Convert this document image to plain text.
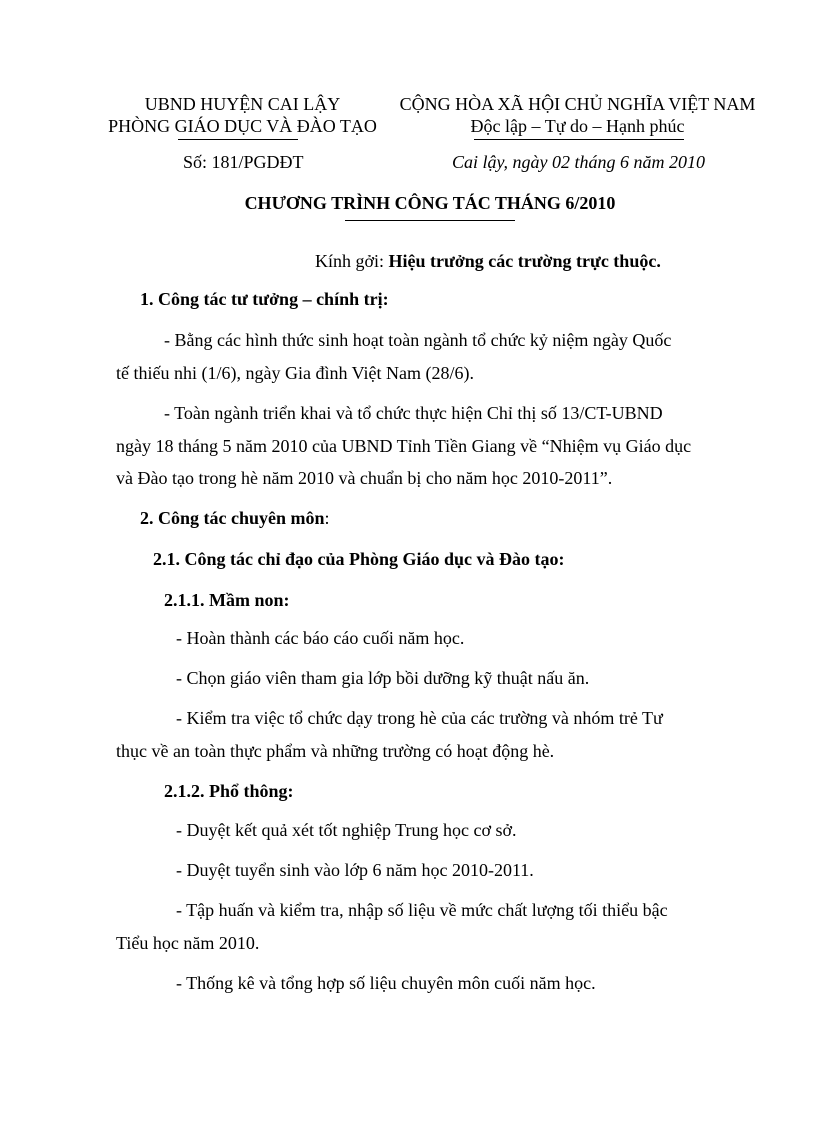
UBND HUYỆN CAI LẬY
PHÒNG GIÁO DỤC VÀ ĐÀO TẠO
CỘNG HÒA XÃ HỘI CHỦ NGHĨA VIỆT NAM
Độc lập – Tự do – Hạnh phúc
Số: 181/PGDĐT	Cai lậy, ngày 02 tháng 6 năm 2010
CHƯƠNG TRÌNH CÔNG TÁC THÁNG 6/2010
Kính gởi: Hiệu trưởng các trường trực thuộc.
1. Công tác tư tưởng – chính trị:
- Bằng các hình thức sinh hoạt toàn ngành tổ chức kỷ niệm ngày Quốc
tế thiếu nhi (1/6), ngày Gia đình Việt Nam (28/6).
- Toàn ngành triển khai và tổ chức thực hiện Chỉ thị số 13/CT-UBND
ngày 18 tháng 5 năm 2010 của UBND Tỉnh Tiền Giang về “Nhiệm vụ Giáo dục
và Đào tạo trong hè năm 2010 và chuẩn bị cho năm học 2010-2011”.
2. Công tác chuyên môn:
2.1. Công tác chỉ đạo của Phòng Giáo dục và Đào tạo:
2.1.1. Mầm non:
- Hoàn thành các báo cáo cuối năm học.
- Chọn giáo viên tham gia lớp bồi dưỡng kỹ thuật nấu ăn.
- Kiểm tra việc tổ chức dạy trong hè của các trường và nhóm trẻ Tư
thục về an toàn thực phẩm và những trường có hoạt động hè.
2.1.2. Phổ thông:
- Duyệt kết quả xét tốt nghiệp Trung học cơ sở.
- Duyệt tuyển sinh vào lớp 6 năm học 2010-2011.
- Tập huấn và kiểm tra, nhập số liệu về mức chất lượng tối thiểu bậc
Tiểu học năm 2010.
- Thống kê và tổng hợp số liệu chuyên môn cuối năm học.
